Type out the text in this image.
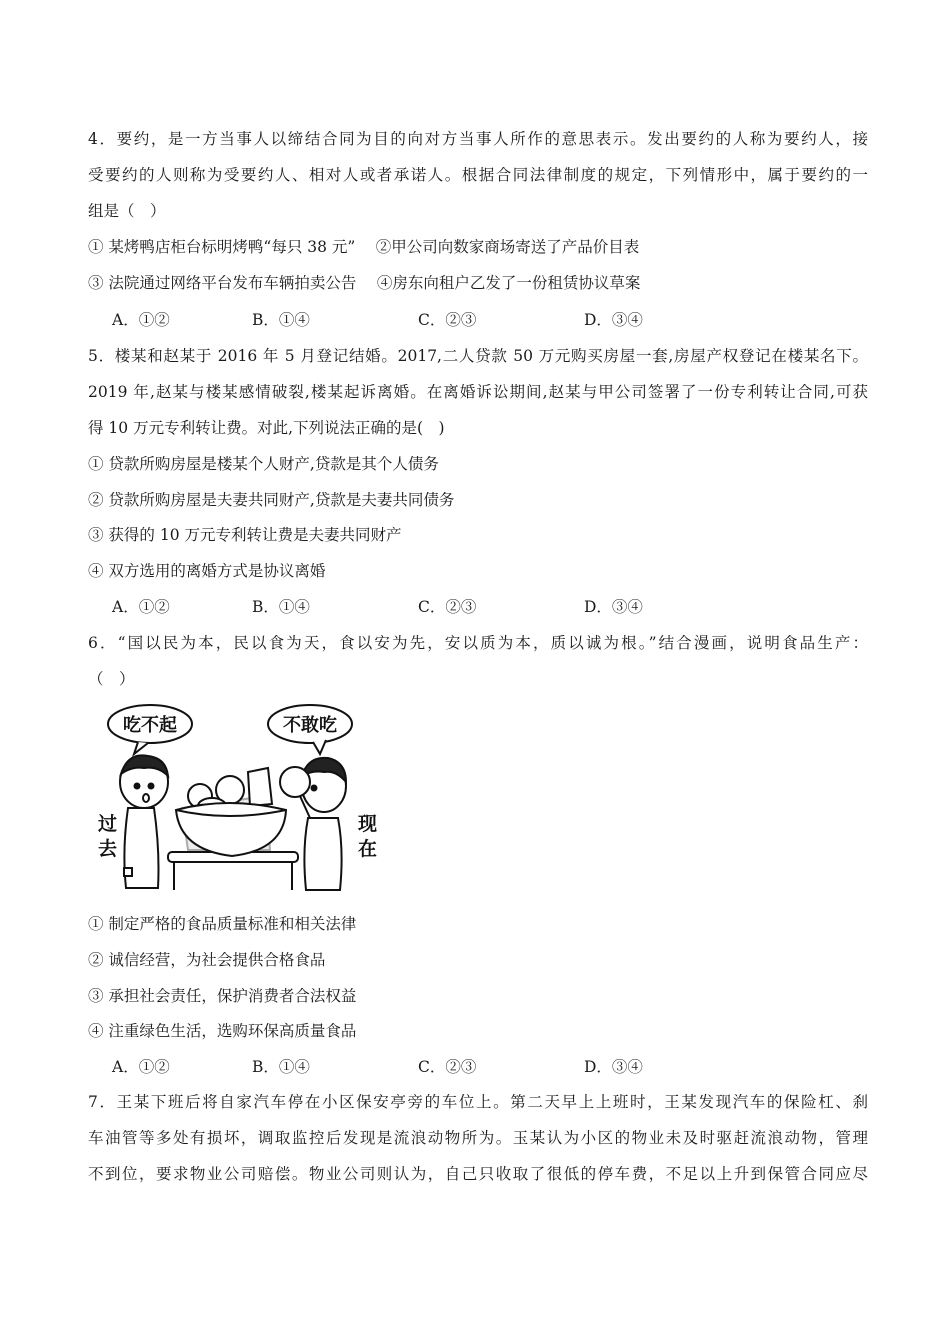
4．要约，是一方当事人以缔结合同为目的向对方当事人所作的意思表示。发出要约的人称为要约人，接
受要约的人则称为受要约人、相对人或者承诺人。根据合同法律制度的规定，下列情形中，属于要约的一
组是（　）
① 某烤鸭店柜台标明烤鸭“每只 38 元”　 ②甲公司向数家商场寄送了产品价目表
③ 法院通过网络平台发布车辆拍卖公告　 ④房东向租户乙发了一份租赁协议草案
A．①②	B．①④	C．②③	D．③④
5．楼某和赵某于 2016 年 5 月登记结婚。2017,二人贷款 50 万元购买房屋一套,房屋产权登记在楼某名下。
2019 年,赵某与楼某感情破裂,楼某起诉离婚。在离婚诉讼期间,赵某与甲公司签署了一份专利转让合同,可获
得 10 万元专利转让费。对此,下列说法正确的是(　)
① 贷款所购房屋是楼某个人财产,贷款是其个人债务
② 贷款所购房屋是夫妻共同财产,贷款是夫妻共同债务
③ 获得的 10 万元专利转让费是夫妻共同财产
④ 双方选用的离婚方式是协议离婚
A．①②	B．①④	C．②③	D．③④
6．“国以民为本，民以食为天，食以安为先，安以质为本，质以诚为根。”结合漫画，说明食品生产：
（　）
吃不起	不敢吃
过
去
现
在
① 制定严格的食品质量标准和相关法律
② 诚信经营，为社会提供合格食品
③ 承担社会责任，保护消费者合法权益
④ 注重绿色生活，选购环保高质量食品
A．①②	B．①④	C．②③	D．③④
7．王某下班后将自家汽车停在小区保安亭旁的车位上。第二天早上上班时，王某发现汽车的保险杠、刹
车油管等多处有损坏，调取监控后发现是流浪动物所为。玉某认为小区的物业未及时驱赶流浪动物，管理
不到位，要求物业公司赔偿。物业公司则认为，自己只收取了很低的停车费，不足以上升到保管合同应尽
